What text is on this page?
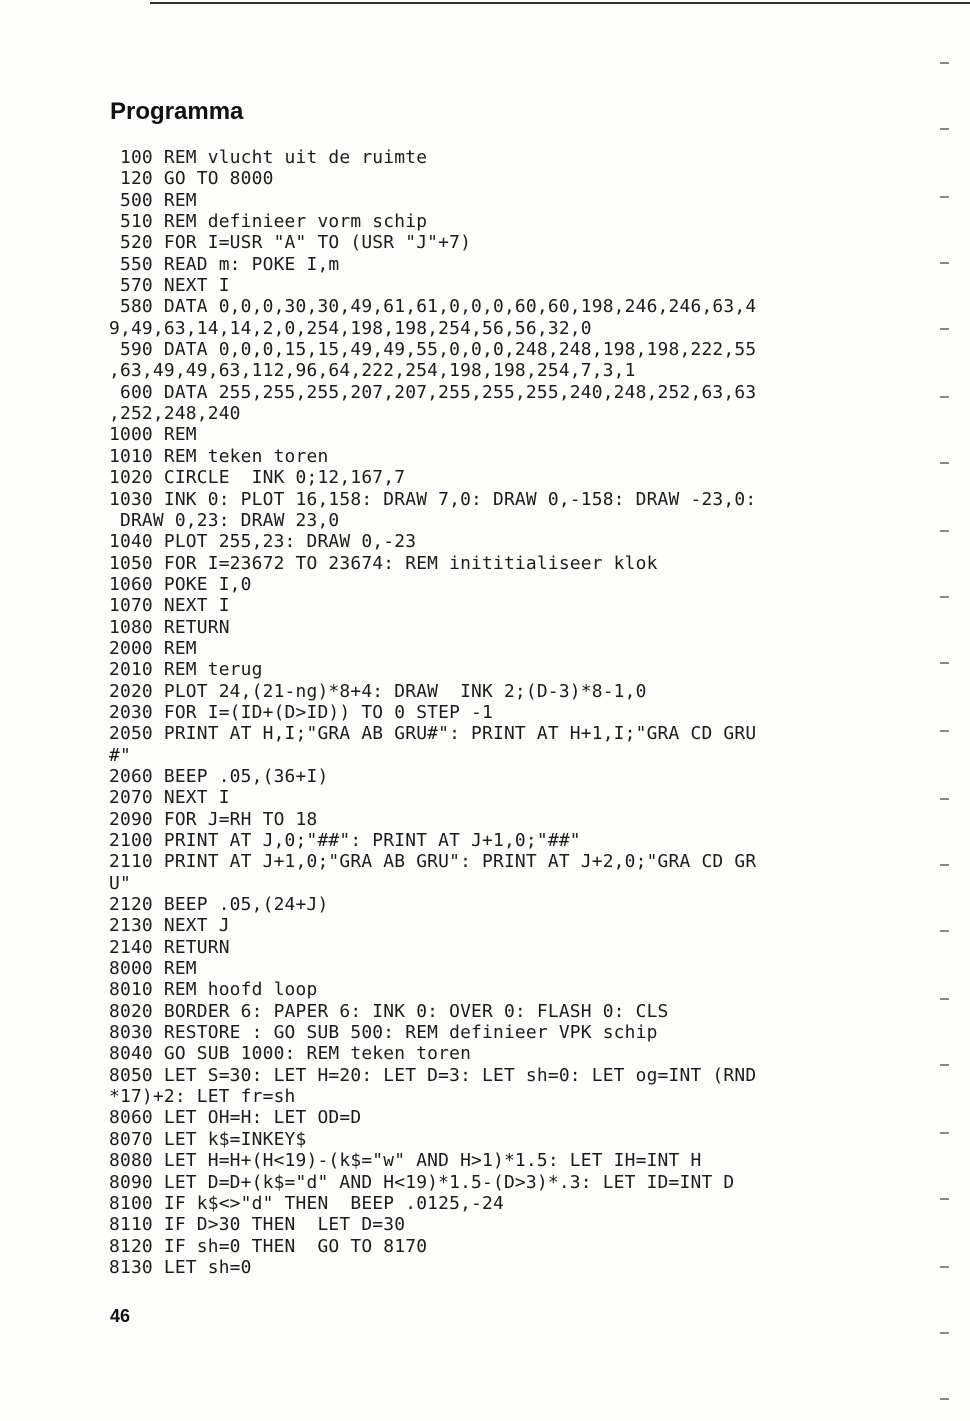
Programma
100 REM vlucht uit de ruimte
120 GO TO 8000
500 REM
510 REM definieer vorm schip
520 FOR I=USR "A" TO (USR "J"+7)
550 READ m: POKE I,m
570 NEXT I
580 DATA 0,0,0,30,30,49,61,61,0,0,0,60,60,198,246,246,63,4
9,49,63,14,14,2,0,254,198,198,254,56,56,32,0
590 DATA 0,0,0,15,15,49,49,55,0,0,0,248,248,198,198,222,55
,63,49,49,63,112,96,64,222,254,198,198,254,7,3,1
600 DATA 255,255,255,207,207,255,255,255,240,248,252,63,63
,252,248,240
1000 REM
1010 REM teken toren
1020 CIRCLE  INK 0;12,167,7
1030 INK 0: PLOT 16,158: DRAW 7,0: DRAW 0,-158: DRAW -23,0:
DRAW 0,23: DRAW 23,0
1040 PLOT 255,23: DRAW 0,-23
1050 FOR I=23672 TO 23674: REM inititialiseer klok
1060 POKE I,0
1070 NEXT I
1080 RETURN
2000 REM
2010 REM terug
2020 PLOT 24,(21-ng)*8+4: DRAW  INK 2;(D-3)*8-1,0
2030 FOR I=(ID+(D>ID)) TO 0 STEP -1
2050 PRINT AT H,I;"GRA AB GRU#": PRINT AT H+1,I;"GRA CD GRU
#"
2060 BEEP .05,(36+I)
2070 NEXT I
2090 FOR J=RH TO 18
2100 PRINT AT J,0;"##": PRINT AT J+1,0;"##"
2110 PRINT AT J+1,0;"GRA AB GRU": PRINT AT J+2,0;"GRA CD GR
U"
2120 BEEP .05,(24+J)
2130 NEXT J
2140 RETURN
8000 REM
8010 REM hoofd loop
8020 BORDER 6: PAPER 6: INK 0: OVER 0: FLASH 0: CLS
8030 RESTORE : GO SUB 500: REM definieer VPK schip
8040 GO SUB 1000: REM teken toren
8050 LET S=30: LET H=20: LET D=3: LET sh=0: LET og=INT (RND
*17)+2: LET fr=sh
8060 LET OH=H: LET OD=D
8070 LET k$=INKEY$
8080 LET H=H+(H<19)-(k$="w" AND H>1)*1.5: LET IH=INT H
8090 LET D=D+(k$="d" AND H<19)*1.5-(D>3)*.3: LET ID=INT D
8100 IF k$<>"d" THEN  BEEP .0125,-24
8110 IF D>30 THEN  LET D=30
8120 IF sh=0 THEN  GO TO 8170
8130 LET sh=0
46
